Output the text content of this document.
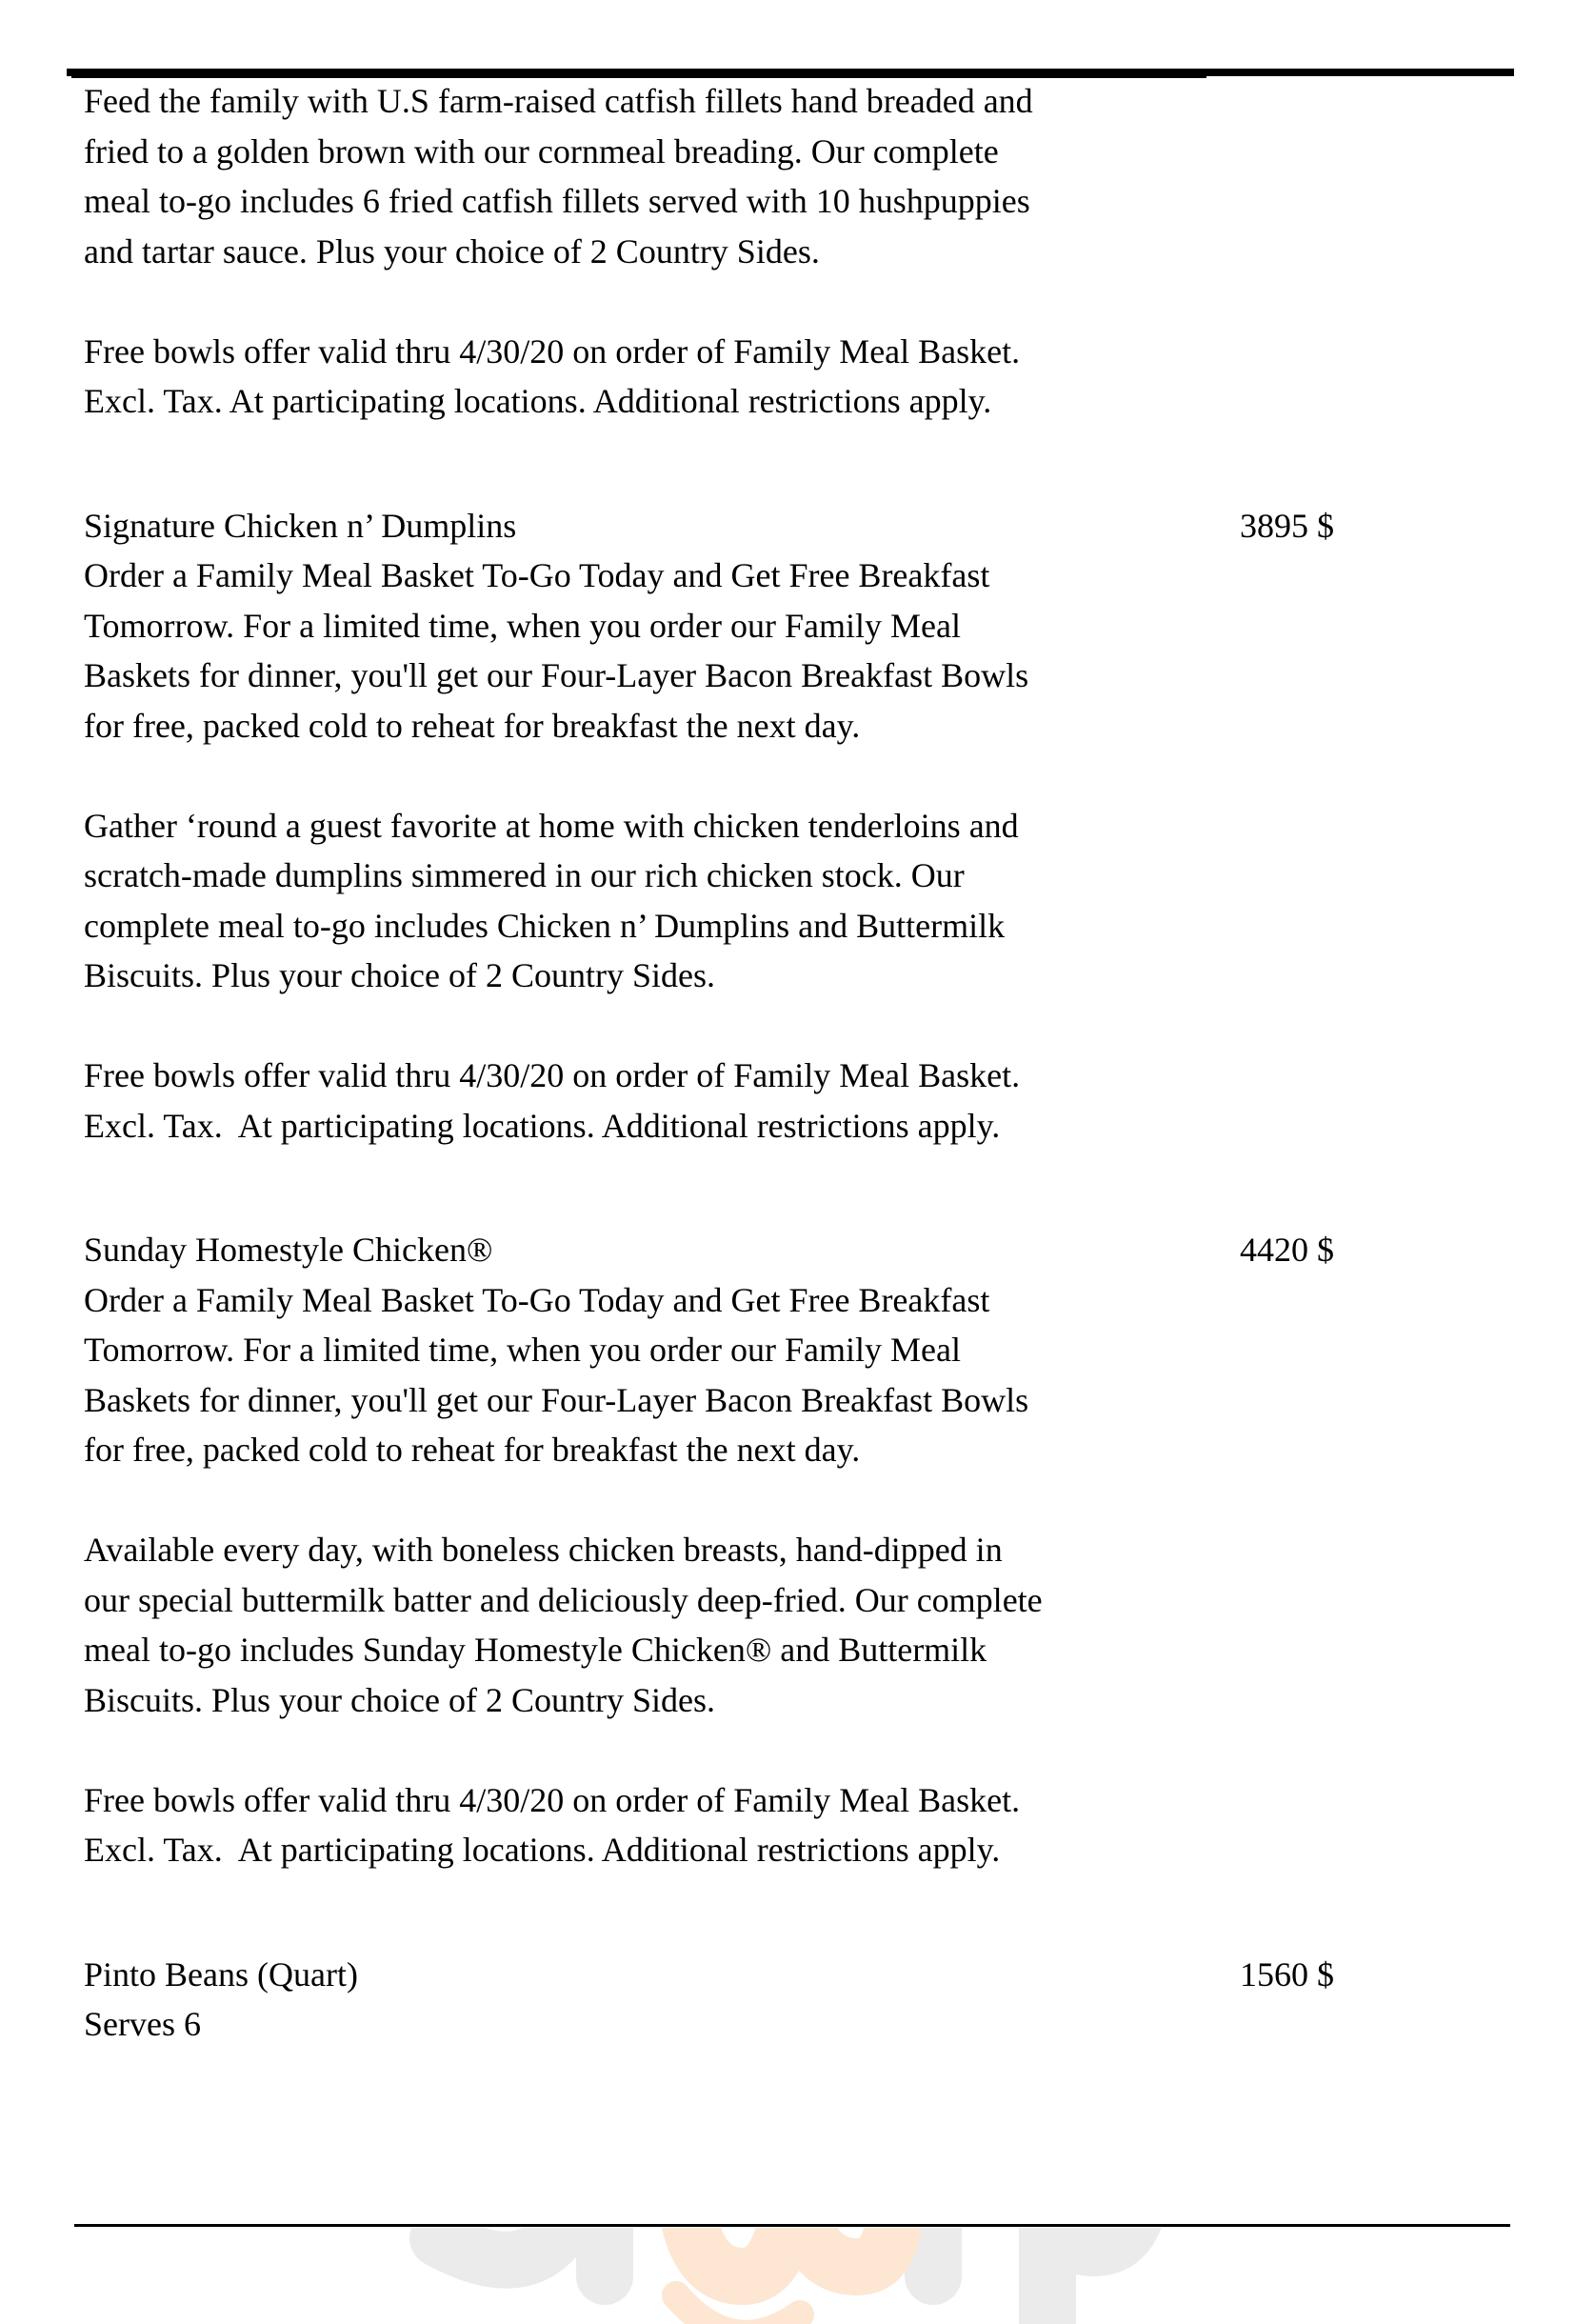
Feed the family with U.S farm-raised catfish fillets hand breaded and
fried to a golden brown with our cornmeal breading. Our complete
meal to-go includes 6 fried catfish fillets served with 10 hushpuppies
and tartar sauce. Plus your choice of 2 Country Sides.

Free bowls offer valid thru 4/30/20 on order of Family Meal Basket.
Excl. Tax. At participating locations. Additional restrictions apply.

3895 $

Signature Chicken n’ Dumplins

Order a Family Meal Basket To-Go Today and Get Free Breakfast
Tomorrow. For a limited time, when you order our Family Meal
Baskets for dinner, you'll get our Four-Layer Bacon Breakfast Bowls
for free, packed cold to reheat for breakfast the next day.

Gather ‘round a guest favorite at home with chicken tenderloins and
scratch-made dumplins simmered in our rich chicken stock. Our
complete meal to-go includes Chicken n’ Dumplins and Buttermilk
Biscuits. Plus your choice of 2 Country Sides.

Free bowls offer valid thru 4/30/20 on order of Family Meal Basket.
Excl. Tax.  At participating locations. Additional restrictions apply.

4420 $

Sunday Homestyle Chicken®

Order a Family Meal Basket To-Go Today and Get Free Breakfast
Tomorrow. For a limited time, when you order our Family Meal
Baskets for dinner, you'll get our Four-Layer Bacon Breakfast Bowls
for free, packed cold to reheat for breakfast the next day.

Available every day, with boneless chicken breasts, hand-dipped in
our special buttermilk batter and deliciously deep-fried. Our complete
meal to-go includes Sunday Homestyle Chicken® and Buttermilk
Biscuits. Plus your choice of 2 Country Sides.

Free bowls offer valid thru 4/30/20 on order of Family Meal Basket.
Excl. Tax.  At participating locations. Additional restrictions apply.

1560 $

Pinto Beans (Quart)

Serves 6
